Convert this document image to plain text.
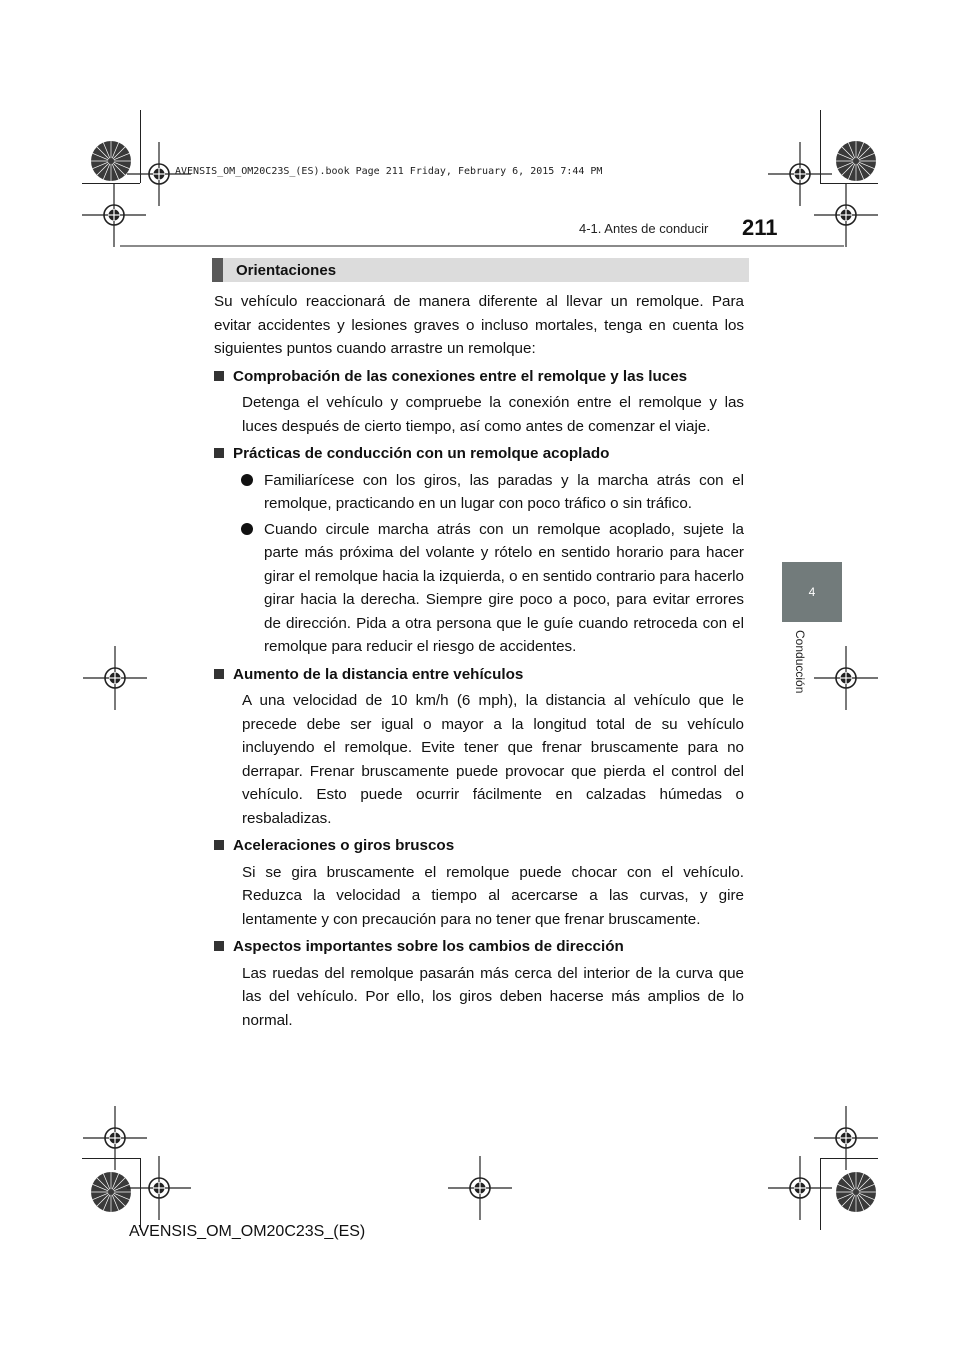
AVENSIS_OM_OM20C23S_(ES).book Page 211 Friday, February 6, 2015 7:44 PM
4-1. Antes de conducir	211
4
Conducción
Orientaciones

Su vehículo reaccionará de manera diferente al llevar un remolque. Para evitar accidentes y lesiones graves o incluso mortales, tenga en cuenta los siguientes puntos cuando arrastre un remolque:

Comprobación de las conexiones entre el remolque y las luces

Detenga el vehículo y compruebe la conexión entre el remolque y las luces después de cierto tiempo, así como antes de comenzar el viaje.

Prácticas de conducción con un remolque acoplado

Familiarícese con los giros, las paradas y la marcha atrás con el remolque, practicando en un lugar con poco tráfico o sin tráfico.
Cuando circule marcha atrás con un remolque acoplado, sujete la parte más próxima del volante y rótelo en sentido horario para hacer girar el remolque hacia la izquierda, o en sentido contrario para hacerlo girar hacia la derecha. Siempre gire poco a poco, para evitar errores de dirección. Pida a otra persona que le guíe cuando retroceda con el remolque para reducir el riesgo de accidentes.

Aumento de la distancia entre vehículos

A una velocidad de 10 km/h (6 mph), la distancia al vehículo que le precede debe ser igual o mayor a la longitud total de su vehículo incluyendo el remolque. Evite tener que frenar bruscamente para no derrapar. Frenar bruscamente puede provocar que pierda el control del vehículo. Esto puede ocurrir fácilmente en calzadas húmedas o resbaladizas.

Aceleraciones o giros bruscos

Si se gira bruscamente el remolque puede chocar con el vehículo. Reduzca la velocidad a tiempo al acercarse a las curvas, y gire lentamente y con precaución para no tener que frenar bruscamente.

Aspectos importantes sobre los cambios de dirección

Las ruedas del remolque pasarán más cerca del interior de la curva que las del vehículo. Por ello, los giros deben hacerse más amplios de lo normal.

AVENSIS_OM_OM20C23S_(ES)
